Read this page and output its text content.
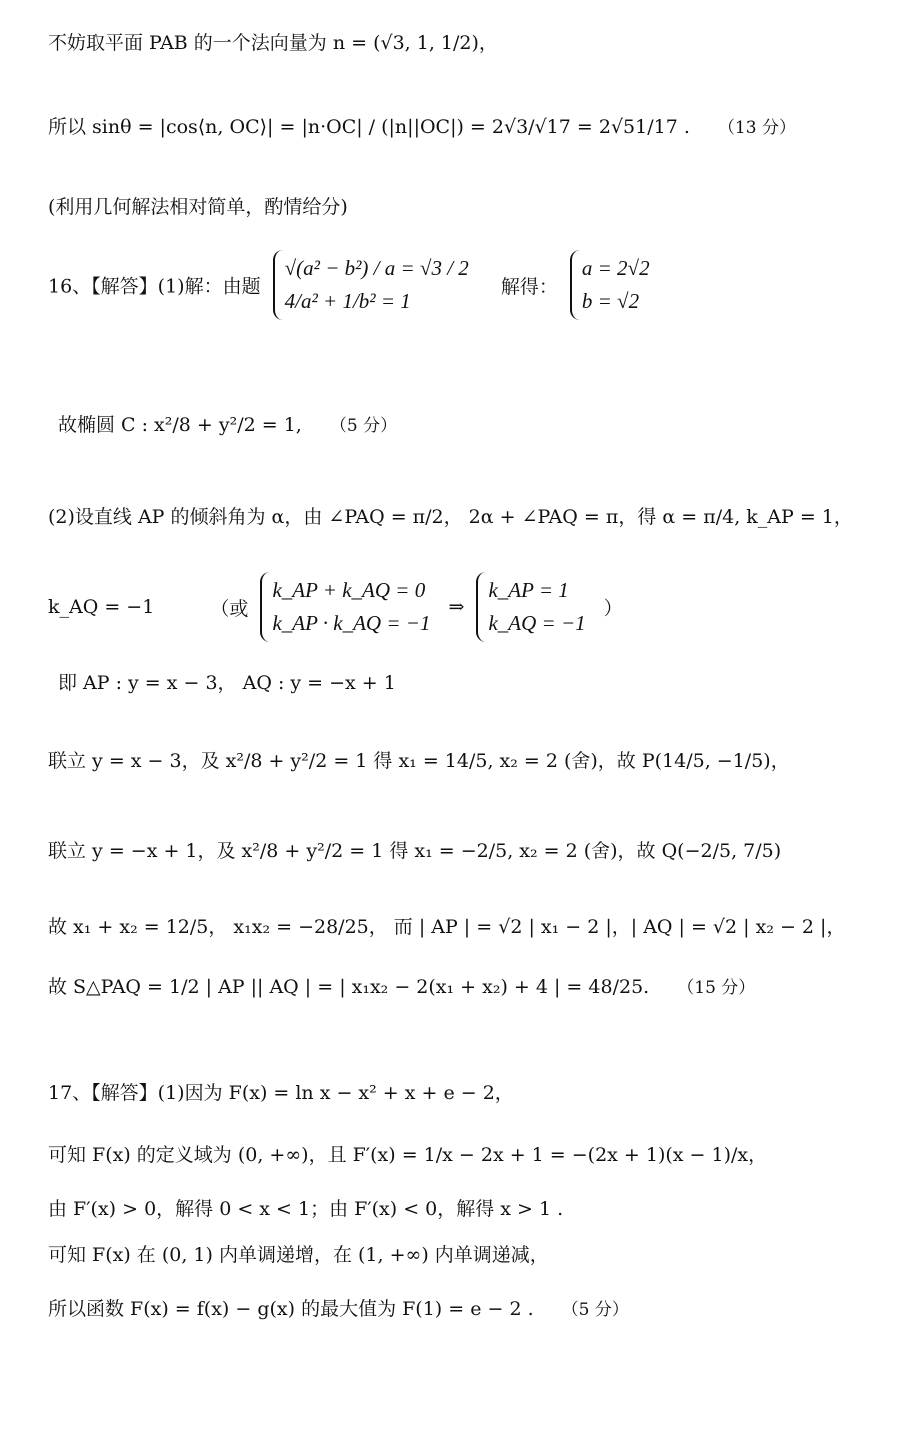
不妨取平面 PAB 的一个法向量为 n = (√3, 1, 1/2)，
所以 sinθ = |cos⟨n, OC⟩| = |n·OC| / (|n||OC|) = 2√3/√17 = 2√51/17 . （13 分）
(利用几何解法相对简单，酌情给分)
16、【解答】(1)解：由题
√(a² − b²) / a = √3 / 2
4/a² + 1/b² = 1
解得：
a = 2√2
b = √2
故椭圆 C : x²/8 + y²/2 = 1, （5 分）
(2)设直线 AP 的倾斜角为 α，由 ∠PAQ = π/2， 2α + ∠PAQ = π，得 α = π/4, k_AP = 1，
k_AQ = −1	（或
k_AP + k_AQ = 0
k_AP · k_AQ = −1
⇒
k_AP = 1
k_AQ = −1
）
即 AP : y = x − 3， AQ : y = −x + 1
联立 y = x − 3，及 x²/8 + y²/2 = 1 得 x₁ = 14/5, x₂ = 2 (舍)，故 P(14/5, −1/5)，
联立 y = −x + 1，及 x²/8 + y²/2 = 1 得 x₁ = −2/5, x₂ = 2 (舍)，故 Q(−2/5, 7/5)
故 x₁ + x₂ = 12/5， x₁x₂ = −28/25， 而 | AP | = √2 | x₁ − 2 |，| AQ | = √2 | x₂ − 2 |，
故 S△PAQ = 1/2 | AP || AQ | = | x₁x₂ − 2(x₁ + x₂) + 4 | = 48/25. （15 分）
17、【解答】(1)因为 F(x) = ln x − x² + x + e − 2，
可知 F(x) 的定义域为 (0, +∞)，且 F′(x) = 1/x − 2x + 1 = −(2x + 1)(x − 1)/x，
由 F′(x) > 0，解得 0 < x < 1；由 F′(x) < 0，解得 x > 1 .
可知 F(x) 在 (0, 1) 内单调递增，在 (1, +∞) 内单调递减，
所以函数 F(x) = f(x) − g(x) 的最大值为 F(1) = e − 2 . （5 分）
